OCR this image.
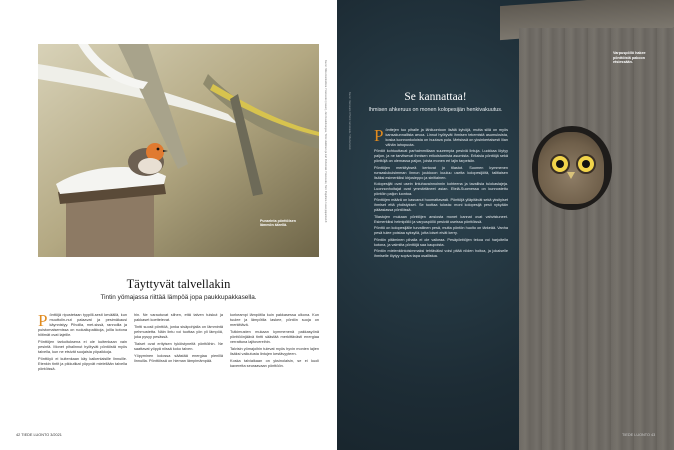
Kuvat: Mika Honkalinna / Vastavalo (vasen), Jan Ruskokangas, Tomi Hakkinen ja Jari Peltomaki / Vastavalo, Tero Pajulinna / www.pajunkari.fi
Punarinta pönttöisen lämmön äärellä.
Täyttyvät talvellakin
Tintin yömajassa riittää lämpöä jopa paukkupakkasella.
P önttöjä ripustetaan tyypilli-sesti keväällä, kun muuttolin-nut palaavat ja pesimäkausi käynnistyy. Pihoilla, met-sissä, rannoilla ja puistomaisemissa on ruokailupaikkoja, joilla kotona hiitimät ovat lajeille.

Pönttöjen tarkoituksena ei ole kuitenkaan vain pesintä. Monet pihalinnut hyötyvät pöntöistä myös talvella, kun ne etsivät suojaisia yöpaikkoja.

Pönttöyö ei kuitenkaan käy kaikenlaisille linnuille. Etenkin tintit ja pikkutikat yöpyvät mielellään talvella pöntöissä.

hin. Ne varautuvat siihen, että talven tuiskut ja pakkaset koettelevat.

Tintti suosii pönttöä, jonka sisäpohjalla on lämmintä pehmustetta. Näin lintu voi tuottaa yön yli lämpöä, joka pysyy pesässä.

Tiaiset ovat erityisen tyköistyneitä pönttöihin. Ne saattavat yöpyä niissä koko talven.

Yöpyminen kolossa säästää energiaa pienillä linnuilla. Pönttöissä on hieman lämpimämpää.

korkeampi lämpötila kuin pakkasessa ulkona. Kun tuulee ja lämpötila laskee, pöntön suoja on merkittävä.

Tutkimusten mukaan kymmenenä pakkasyönä pönttöönjäävä tintti säästää merkittävästi energiaa verrattuna lajitovereihin.

Talvisin yömajoihin tulevat myös hyvin monien lajien lisäksi vaikutusta lintujen kestävyyteen.

Koska talviaikaan on yksinolaisin, se ei kuoli kavereita seuraavaan pönttöön.

42 TIEDE LUONTO 3/2021
Varpuspöllö hakee pönttöistä pakoon etsiessään.
Kuvat: Vastavalo / Photo: lemonade / Shutterstock	Se kannattaa!
Ihmisen ahkeruus on monen kolopesijän henkivakuutus.
P önttejen tuo pihalle ja lähiluontoon lisätä kylvöjä, mutta sillä on myös kansakunnallista arvoa. Linnut hyötyvät ihmisen tekemistä asumuksista, koska luonnonkoloista on huutava pula. Metsissä on yksinkertaisesti liian vähän lahopuuta.

Pöntöt kohtuuttavat parhaimmillaan suurempia pesiviä lintuja. Luokkaa löytyy paljon, ja ne tarvitsevat ihmisen erikoistumista asumista. Erilaisia pönttöjä sekä pönttöjä on olemassa paljon, joista monen eri lajin tarpeisiin.

Pönttöjen merkitykseä kertovat jo tilastot. Suomen kymmenen runsaslukuisimman linnun joukkoon kuuluu useita kolopesijöitä, talitiaisen lisäksi esimerkiksi kirjosieppo ja sinitiainen.

Kolopesijät ovat usein lintuhavainnoinnin kohteena ja tavallisia tulokaslajeja. Luonnonhoitajat ovat ymmärtäneet asian. Etelä-Suomessa on kunnostettu pöntöin paljon luontoa.

Pönttöjen määrä on kasvanut huomattavasti. Pönttöjä ylläpitävät sekä yksityiset ihmiset että yhdistykset. Se tuottaa tulosta: moni kolopesijä pesii nykyään pääasiassa pöntöissä.

Tilastojen mukaan pönttöjen ansiosta monet kannat ovat vahvistuneet. Esimerkiksi helmipöllö ja varpuspöllö pesivät useissa pönttöissä.

Pönttö on kolopesijälle turvallinen pesä, mutta pöntön huolto on tärkeää. Vanha pesä tulee poistaa syksyllä, jotta loiset eivät kerry.

Pöntön pitäminen pihalla ei ole vaikeaa. Pesäpönttöjen tekoa voi harjoitella kotona, ja valmiita pönttöjä saa kaupoista.

Pöntön mielenkiintoisimmaksi tehtäväksi voisi pitää niiden hoitoa, ja jokaiselle ihmiselle löytyy sopiva tapa osallistua.

TIEDE LUONTO 43
